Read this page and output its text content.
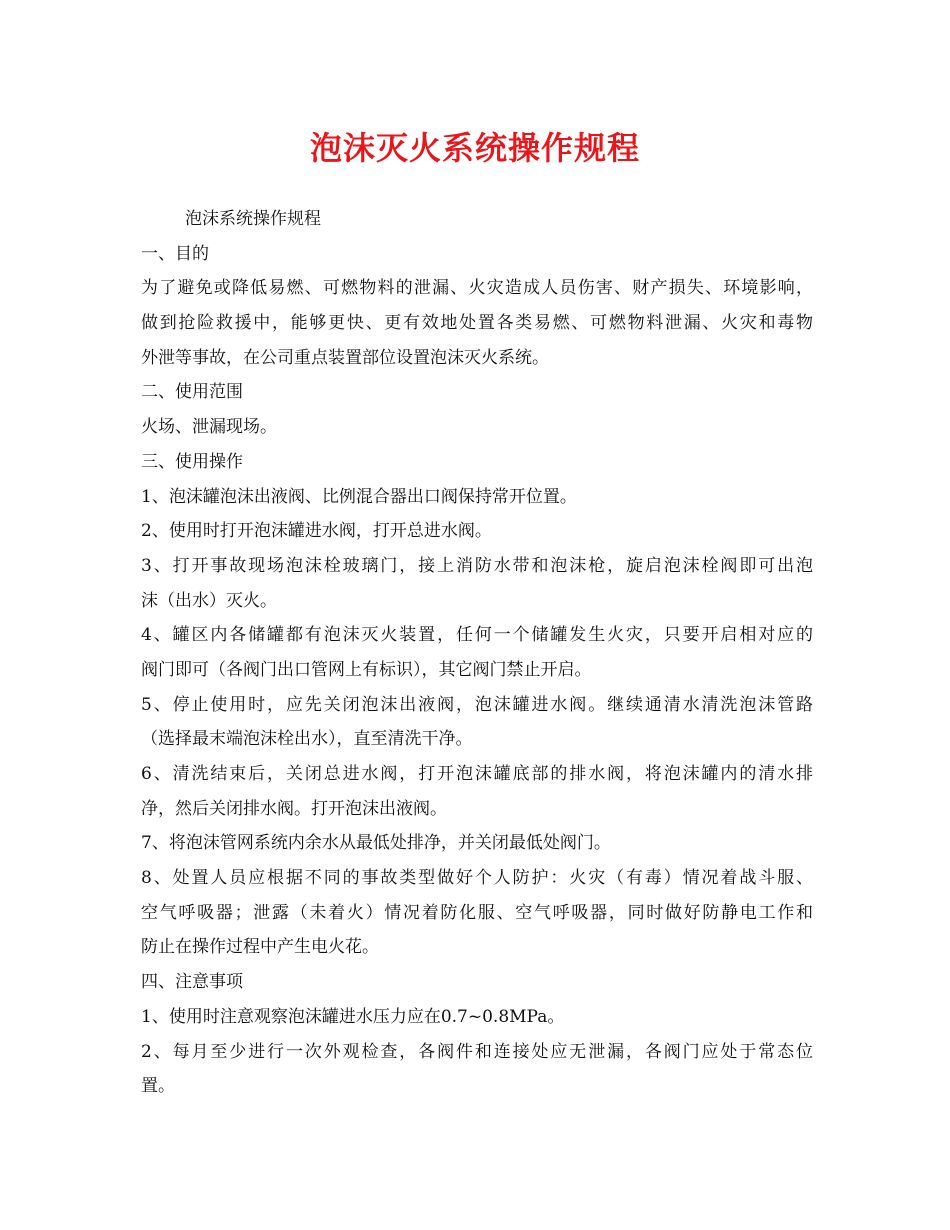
泡沫灭火系统操作规程
泡沫系统操作规程
一、目的
为了避免或降低易燃、可燃物料的泄漏、火灾造成人员伤害、财产损失、环境影响，
做到抢险救援中，能够更快、更有效地处置各类易燃、可燃物料泄漏、火灾和毒物
外泄等事故，在公司重点装置部位设置泡沫灭火系统。
二、使用范围
火场、泄漏现场。
三、使用操作
1、泡沫罐泡沫出液阀、比例混合器出口阀保持常开位置。
2、使用时打开泡沫罐进水阀，打开总进水阀。
3、打开事故现场泡沫栓玻璃门，接上消防水带和泡沫枪，旋启泡沫栓阀即可出泡
沫（出水）灭火。
4、罐区内各储罐都有泡沫灭火装置，任何一个储罐发生火灾，只要开启相对应的
阀门即可（各阀门出口管网上有标识），其它阀门禁止开启。
5、停止使用时，应先关闭泡沫出液阀，泡沫罐进水阀。继续通清水清洗泡沫管路
（选择最末端泡沫栓出水），直至清洗干净。
6、清洗结束后，关闭总进水阀，打开泡沫罐底部的排水阀，将泡沫罐内的清水排
净，然后关闭排水阀。打开泡沫出液阀。
7、将泡沫管网系统内余水从最低处排净，并关闭最低处阀门。
8、处置人员应根据不同的事故类型做好个人防护：火灾（有毒）情况着战斗服、
空气呼吸器；泄露（未着火）情况着防化服、空气呼吸器，同时做好防静电工作和
防止在操作过程中产生电火花。
四、注意事项
1、使用时注意观察泡沫罐进水压力应在0.7~0.8MPa。
2、每月至少进行一次外观检查，各阀件和连接处应无泄漏，各阀门应处于常态位
置。
